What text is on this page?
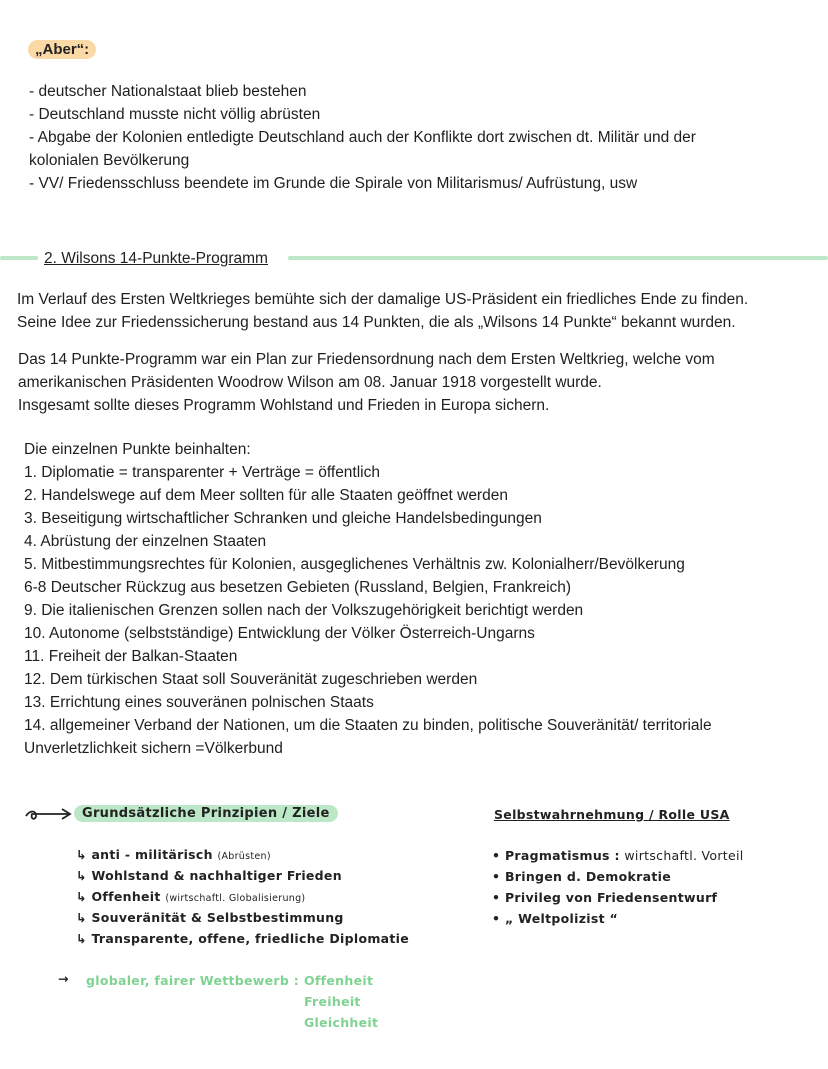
„Aber“:
- deutscher Nationalstaat blieb bestehen
- Deutschland musste nicht völlig abrüsten
- Abgabe der Kolonien entledigte Deutschland auch der Konflikte dort zwischen dt. Militär und der
kolonialen Bevölkerung
- VV/ Friedensschluss beendete im Grunde die Spirale von Militarismus/ Aufrüstung, usw
2. Wilsons 14-Punkte-Programm
Im Verlauf des Ersten Weltkrieges bemühte sich der damalige US-Präsident ein friedliches Ende zu finden.
Seine Idee zur Friedenssicherung bestand aus 14 Punkten, die als „Wilsons 14 Punkte“ bekannt wurden.
Das 14 Punkte-Programm war ein Plan zur Friedensordnung nach dem Ersten Weltkrieg, welche vom
amerikanischen Präsidenten Woodrow Wilson am 08. Januar 1918 vorgestellt wurde.
Insgesamt sollte dieses Programm Wohlstand und Frieden in Europa sichern.
Die einzelnen Punkte beinhalten:
1. Diplomatie = transparenter + Verträge = öffentlich
2. Handelswege auf dem Meer sollten für alle Staaten geöffnet werden
3. Beseitigung wirtschaftlicher Schranken und gleiche Handelsbedingungen
4. Abrüstung der einzelnen Staaten
5. Mitbestimmungsrechtes für Kolonien, ausgeglichenes Verhältnis zw. Kolonialherr/Bevölkerung
6-8 Deutscher Rückzug aus besetzen Gebieten (Russland, Belgien, Frankreich)
9. Die italienischen Grenzen sollen nach der Volkszugehörigkeit berichtigt werden
10. Autonome (selbstständige) Entwicklung der Völker Österreich-Ungarns
11. Freiheit der Balkan-Staaten
12. Dem türkischen Staat soll Souveränität zugeschrieben werden
13. Errichtung eines souveränen polnischen Staats
14. allgemeiner Verband der Nationen, um die Staaten zu binden, politische Souveränität/ territoriale
Unverletzlichkeit sichern =Völkerbund
Grundsätzliche Prinzipien / Ziele
↳ anti - militärisch (Abrüsten)
↳ Wohlstand & nachhaltiger Frieden
↳ Offenheit (wirtschaftl. Globalisierung)
↳ Souveränität & Selbstbestimmung
↳ Transparente, offene, friedliche Diplomatie
→ globaler, fairer Wettbewerb : Offenheit
Freiheit
Gleichheit
Selbstwahrnehmung / Rolle USA
• Pragmatismus : wirtschaftl. Vorteil
• Bringen d. Demokratie
• Privileg von Friedensentwurf
• „ Weltpolizist “
